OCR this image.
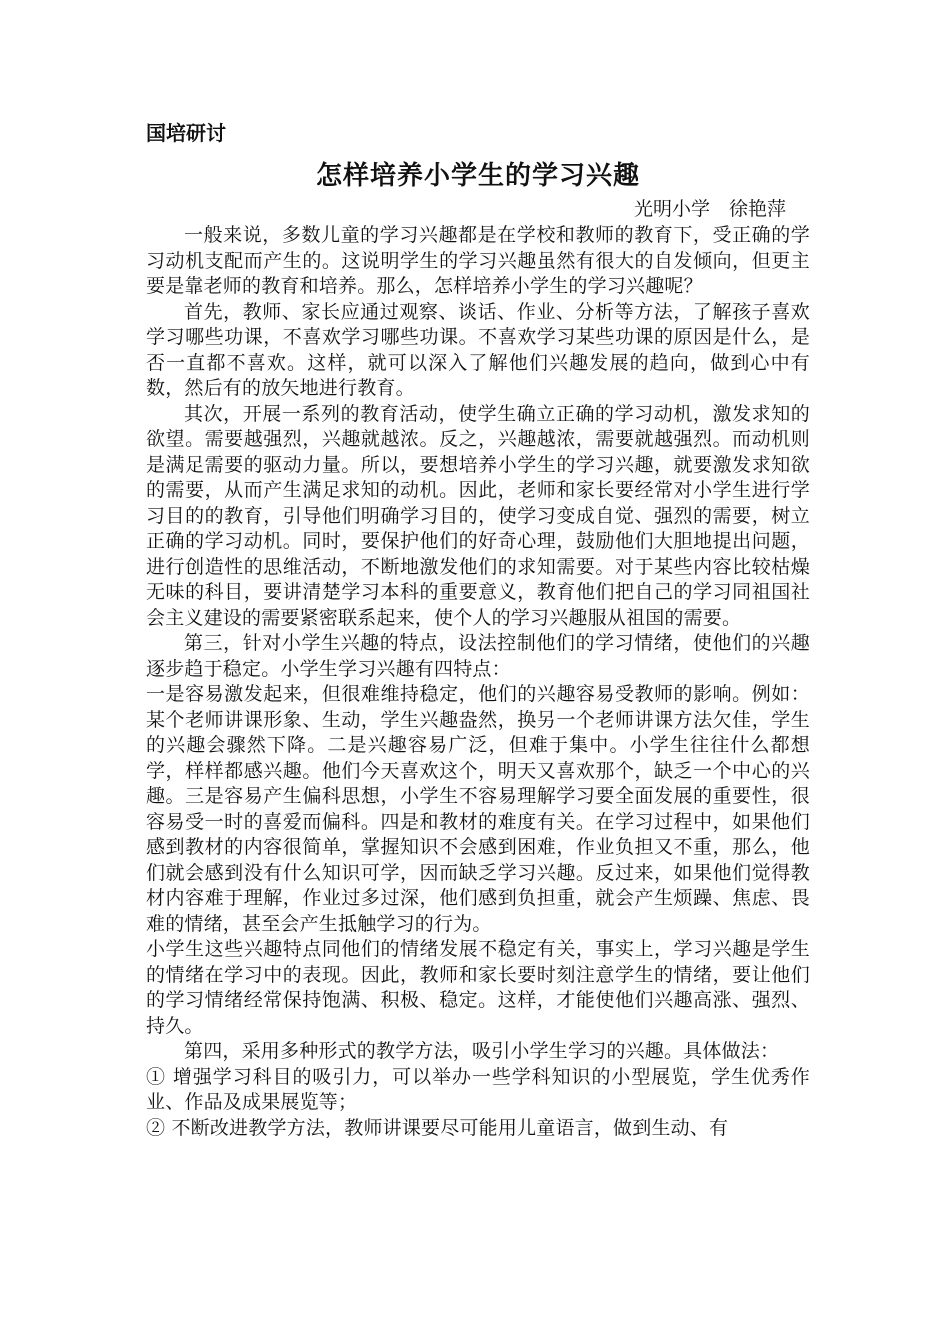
国培研讨
怎样培养小学生的学习兴趣
光明小学　徐艳萍

一般来说，多数儿童的学习兴趣都是在学校和教师的教育下，受正确的学习动机支配而产生的。这说明学生的学习兴趣虽然有很大的自发倾向，但更主要是靠老师的教育和培养。那么，怎样培养小学生的学习兴趣呢？

首先，教师、家长应通过观察、谈话、作业、分析等方法，了解孩子喜欢学习哪些功课，不喜欢学习哪些功课。不喜欢学习某些功课的原因是什么，是否一直都不喜欢。这样，就可以深入了解他们兴趣发展的趋向，做到心中有数，然后有的放矢地进行教育。

其次，开展一系列的教育活动，使学生确立正确的学习动机，激发求知的欲望。需要越强烈，兴趣就越浓。反之，兴趣越浓，需要就越强烈。而动机则是满足需要的驱动力量。所以，要想培养小学生的学习兴趣，就要激发求知欲的需要，从而产生满足求知的动机。因此，老师和家长要经常对小学生进行学习目的的教育，引导他们明确学习目的，使学习变成自觉、强烈的需要，树立正确的学习动机。同时，要保护他们的好奇心理，鼓励他们大胆地提出问题，进行创造性的思维活动，不断地激发他们的求知需要。对于某些内容比较枯燥无味的科目，要讲清楚学习本科的重要意义，教育他们把自己的学习同祖国社会主义建设的需要紧密联系起来，使个人的学习兴趣服从祖国的需要。

第三，针对小学生兴趣的特点，设法控制他们的学习情绪，使他们的兴趣逐步趋于稳定。小学生学习兴趣有四特点：

一是容易激发起来，但很难维持稳定，他们的兴趣容易受教师的影响。例如：某个老师讲课形象、生动，学生兴趣盎然，换另一个老师讲课方法欠佳，学生的兴趣会骤然下降。二是兴趣容易广泛，但难于集中。小学生往往什么都想学，样样都感兴趣。他们今天喜欢这个，明天又喜欢那个，缺乏一个中心的兴趣。三是容易产生偏科思想，小学生不容易理解学习要全面发展的重要性，很容易受一时的喜爱而偏科。四是和教材的难度有关。在学习过程中，如果他们感到教材的内容很简单，掌握知识不会感到困难，作业负担又不重，那么，他们就会感到没有什么知识可学，因而缺乏学习兴趣。反过来，如果他们觉得教材内容难于理解，作业过多过深，他们感到负担重，就会产生烦躁、焦虑、畏难的情绪，甚至会产生抵触学习的行为。

小学生这些兴趣特点同他们的情绪发展不稳定有关，事实上，学习兴趣是学生的情绪在学习中的表现。因此，教师和家长要时刻注意学生的情绪，要让他们的学习情绪经常保持饱满、积极、稳定。这样，才能使他们兴趣高涨、强烈、持久。

第四，采用多种形式的教学方法，吸引小学生学习的兴趣。具体做法：

① 增强学习科目的吸引力，可以举办一些学科知识的小型展览，学生优秀作业、作品及成果展览等；

② 不断改进教学方法，教师讲课要尽可能用儿童语言，做到生动、有
